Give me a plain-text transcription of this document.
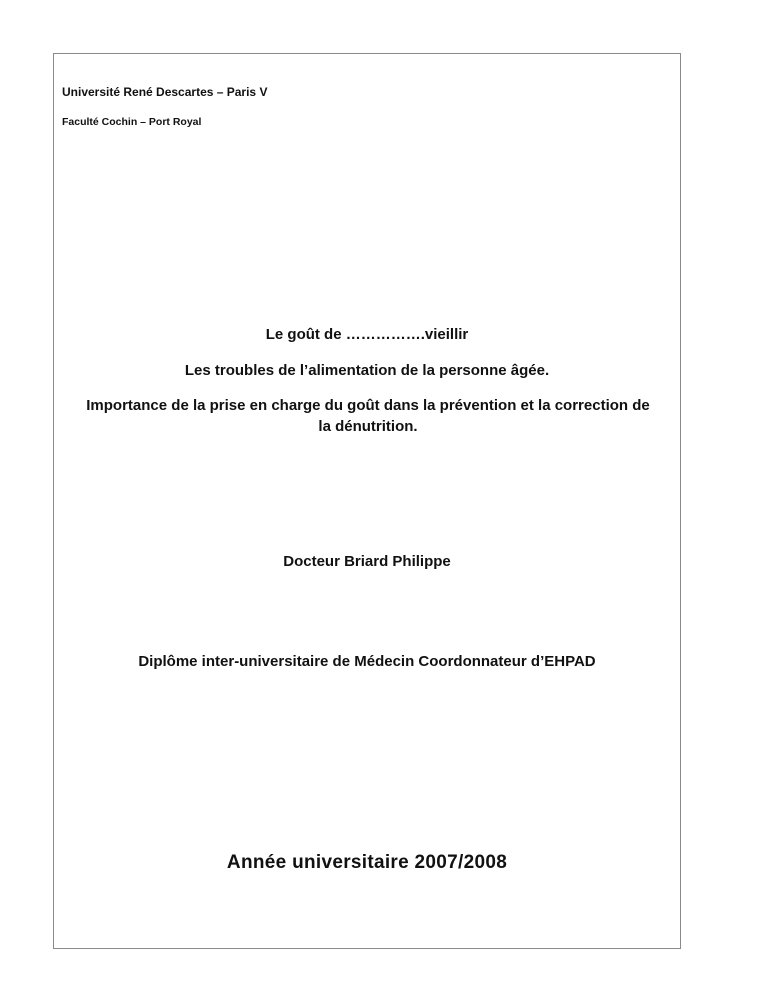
Université René Descartes – Paris V
Faculté Cochin – Port Royal
Le goût de …………….vieillir
Les troubles de l’alimentation de la personne âgée.
Importance de la prise en charge du goût dans la prévention et la correction de la dénutrition.
Docteur Briard Philippe
Diplôme inter-universitaire de Médecin Coordonnateur d’EHPAD
Année universitaire 2007/2008
